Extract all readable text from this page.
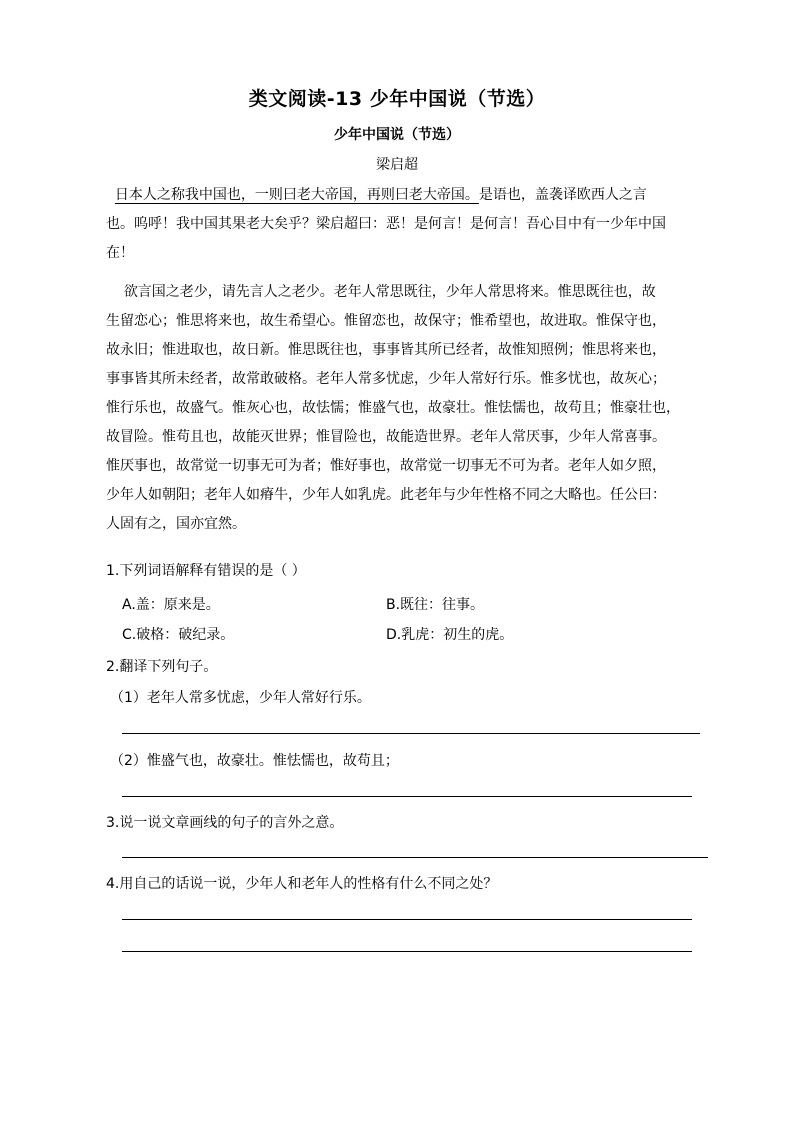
类文阅读-13 少年中国说（节选）
少年中国说（节选）
梁启超
日本人之称我中国也，一则曰老大帝国，再则曰老大帝国。是语也，盖袭译欧西人之言
也。呜呼！我中国其果老大矣乎？梁启超曰：恶！是何言！是何言！吾心目中有一少年中国
在！
欲言国之老少，请先言人之老少。老年人常思既往，少年人常思将来。惟思既往也，故
生留恋心；惟思将来也，故生希望心。惟留恋也，故保守；惟希望也，故进取。惟保守也，
故永旧；惟进取也，故日新。惟思既往也，事事皆其所已经者，故惟知照例；惟思将来也，
事事皆其所未经者，故常敢破格。老年人常多忧虑，少年人常好行乐。惟多忧也，故灰心；
惟行乐也，故盛气。惟灰心也，故怯懦；惟盛气也，故豪壮。惟怯懦也，故苟且；惟豪壮也，
故冒险。惟苟且也，故能灭世界；惟冒险也，故能造世界。老年人常厌事，少年人常喜事。
惟厌事也，故常觉一切事无可为者；惟好事也，故常觉一切事无不可为者。老年人如夕照，
少年人如朝阳；老年人如瘠牛，少年人如乳虎。此老年与少年性格不同之大略也。任公曰：
人固有之，国亦宜然。
1.下列词语解释有错误的是（ ）
A.盖：原来是。	B.既往：往事。
C.破格：破纪录。	D.乳虎：初生的虎。
2.翻译下列句子。
（1）老年人常多忧虑，少年人常好行乐。
（2）惟盛气也，故豪壮。惟怯懦也，故苟且；
3.说一说文章画线的句子的言外之意。
4.用自己的话说一说，少年人和老年人的性格有什么不同之处？
